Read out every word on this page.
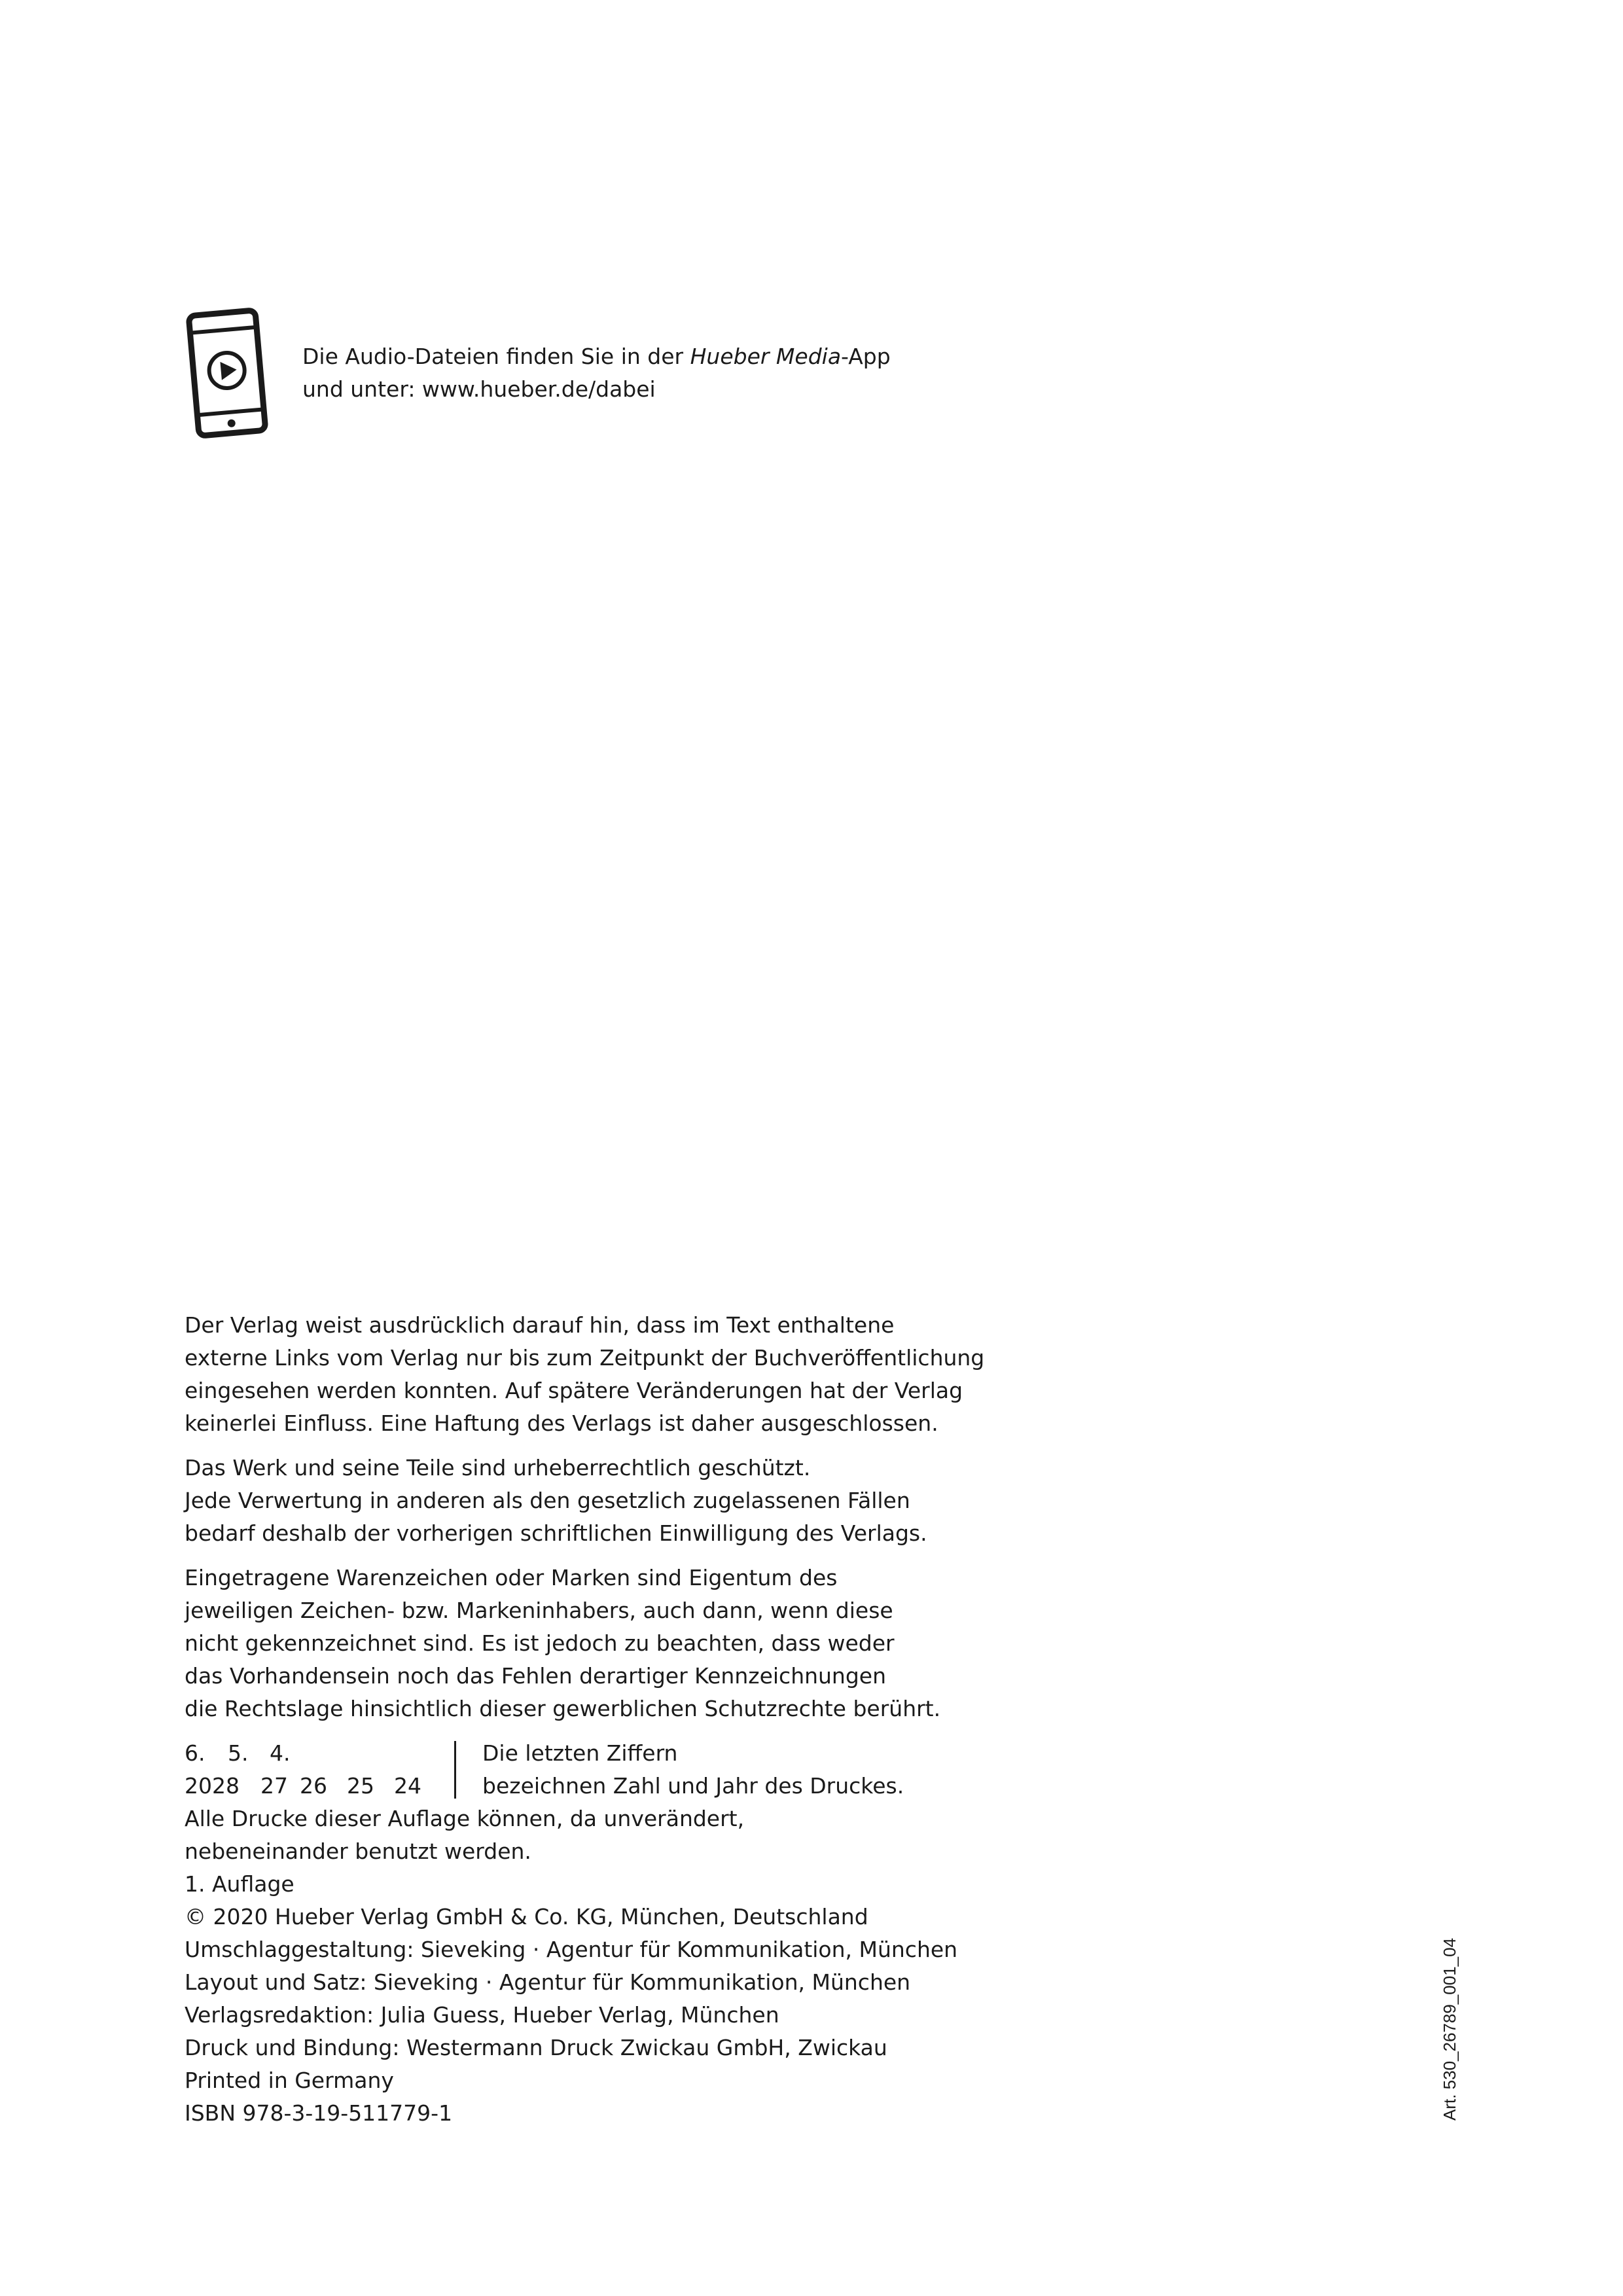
Die Audio-Dateien finden Sie in der Hueber Media-App
und unter: www.hueber.de/dabei
Der Verlag weist ausdrücklich darauf hin, dass im Text enthaltene
externe Links vom Verlag nur bis zum Zeitpunkt der Buchveröffentlichung
eingesehen werden konnten. Auf spätere Veränderungen hat der Verlag
keinerlei Einfluss. Eine Haftung des Verlags ist daher ausgeschlossen.
Das Werk und seine Teile sind urheberrechtlich geschützt.
Jede Verwertung in anderen als den gesetzlich zugelassenen Fällen
bedarf deshalb der vorherigen schriftlichen Einwilligung des Verlags.
Eingetragene Warenzeichen oder Marken sind Eigentum des
jeweiligen Zeichen- bzw. Markeninhabers, auch dann, wenn diese
nicht gekennzeichnet sind. Es ist jedoch zu beachten, dass weder
das Vorhandensein noch das Fehlen derartiger Kennzeichnungen
die Rechtslage hinsichtlich dieser gewerblichen Schutzrechte berührt.
6. 5. 4.
2028 27 26 25 24
Die letzten Ziffern
bezeichnen Zahl und Jahr des Druckes.
Alle Drucke dieser Auflage können, da unverändert,
nebeneinander benutzt werden.
1. Auflage
© 2020 Hueber Verlag GmbH & Co. KG, München, Deutschland
Umschlaggestaltung: Sieveking · Agentur für Kommunikation, München
Layout und Satz: Sieveking · Agentur für Kommunikation, München
Verlagsredaktion: Julia Guess, Hueber Verlag, München
Druck und Bindung: Westermann Druck Zwickau GmbH, Zwickau
Printed in Germany
ISBN 978-3-19-511779-1	Art. 530_26789_001_04
